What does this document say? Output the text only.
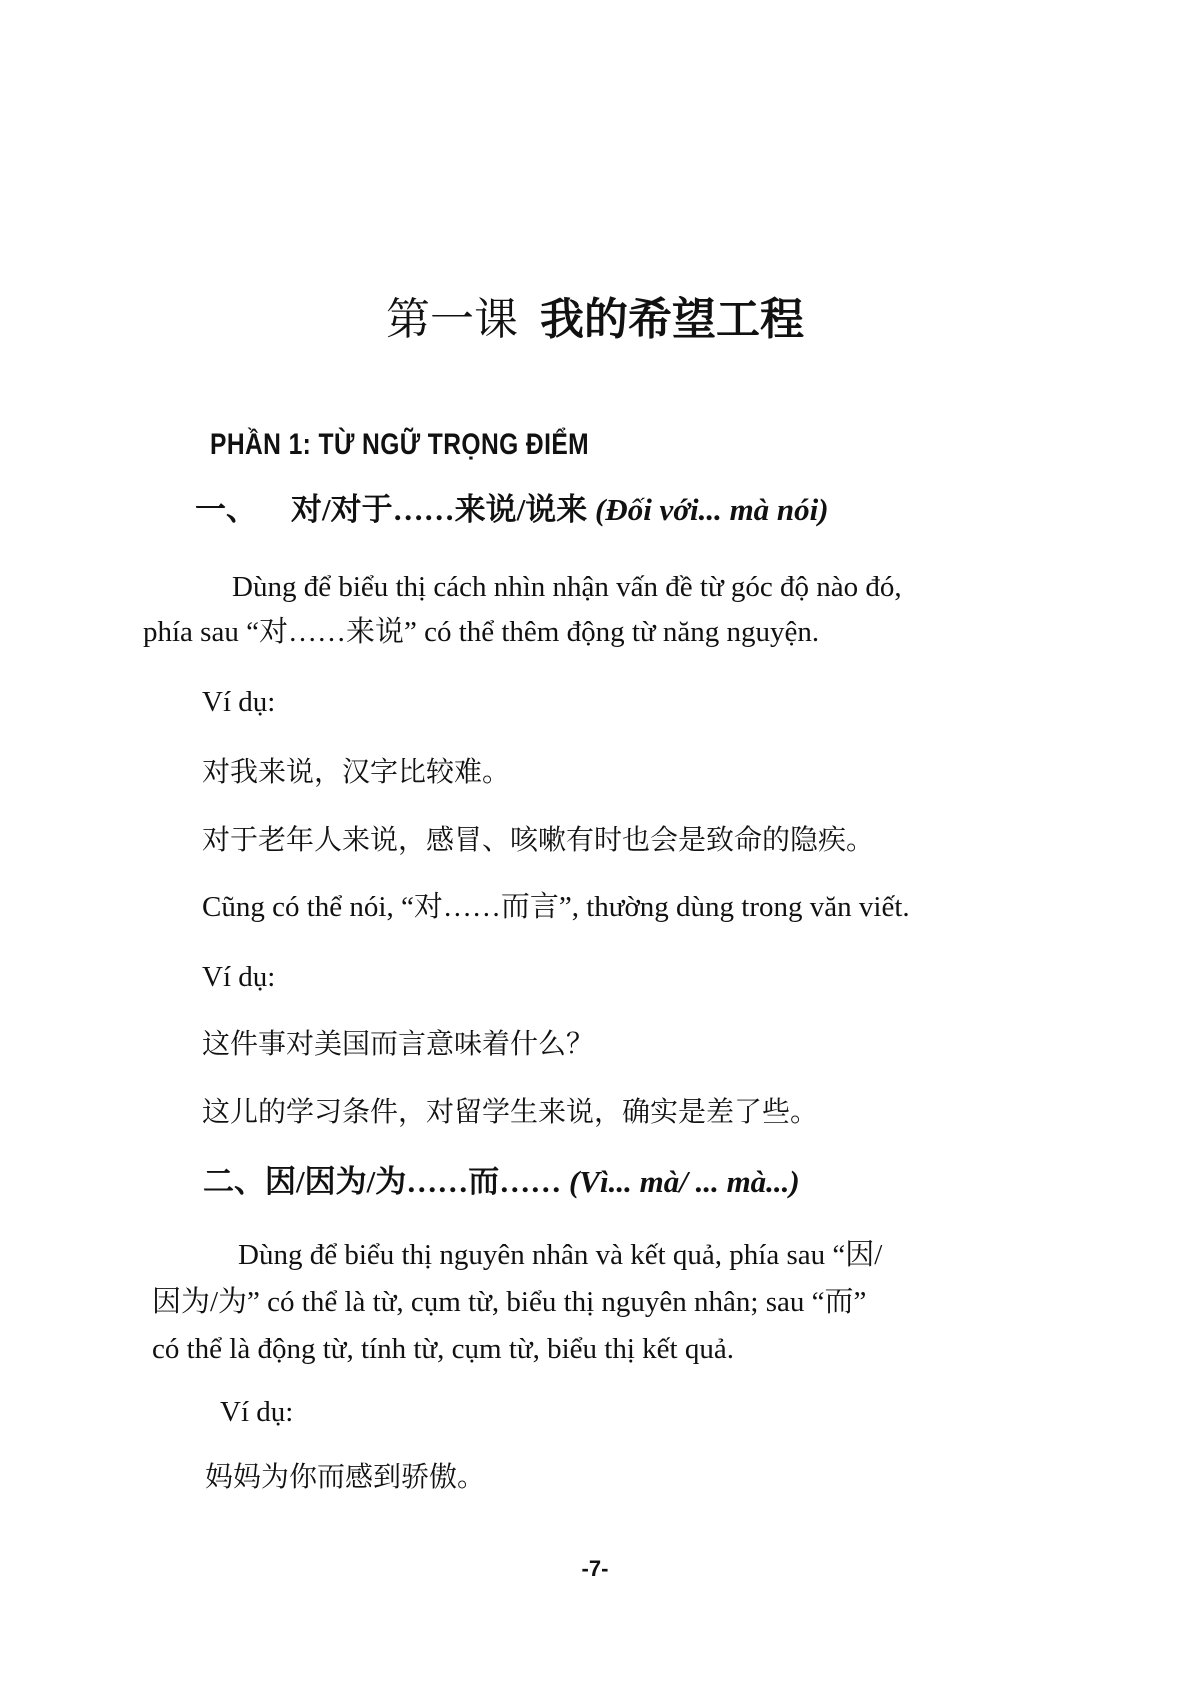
第一课 我的希望工程
PHẦN 1: TỪ NGỮ TRỌNG ĐIỂM
一、 对/对于……来说/说来 (Đối với... mà nói)
Dùng để biểu thị cách nhìn nhận vấn đề từ góc độ nào đó,
phía sau “对……来说” có thể thêm động từ năng nguyện.
Ví dụ:
对我来说，汉字比较难。
对于老年人来说，感冒、咳嗽有时也会是致命的隐疾。
Cũng có thể nói, “对……而言”, thường dùng trong văn viết.
Ví dụ:
这件事对美国而言意味着什么？
这儿的学习条件，对留学生来说，确实是差了些。
二、因/因为/为……而…… (Vì... mà/ ... mà...)
Dùng để biểu thị nguyên nhân và kết quả, phía sau “因/
因为/为” có thể là từ, cụm từ, biểu thị nguyên nhân; sau “而”
có thể là động từ, tính từ, cụm từ, biểu thị kết quả.
Ví dụ:
妈妈为你而感到骄傲。
-7-
